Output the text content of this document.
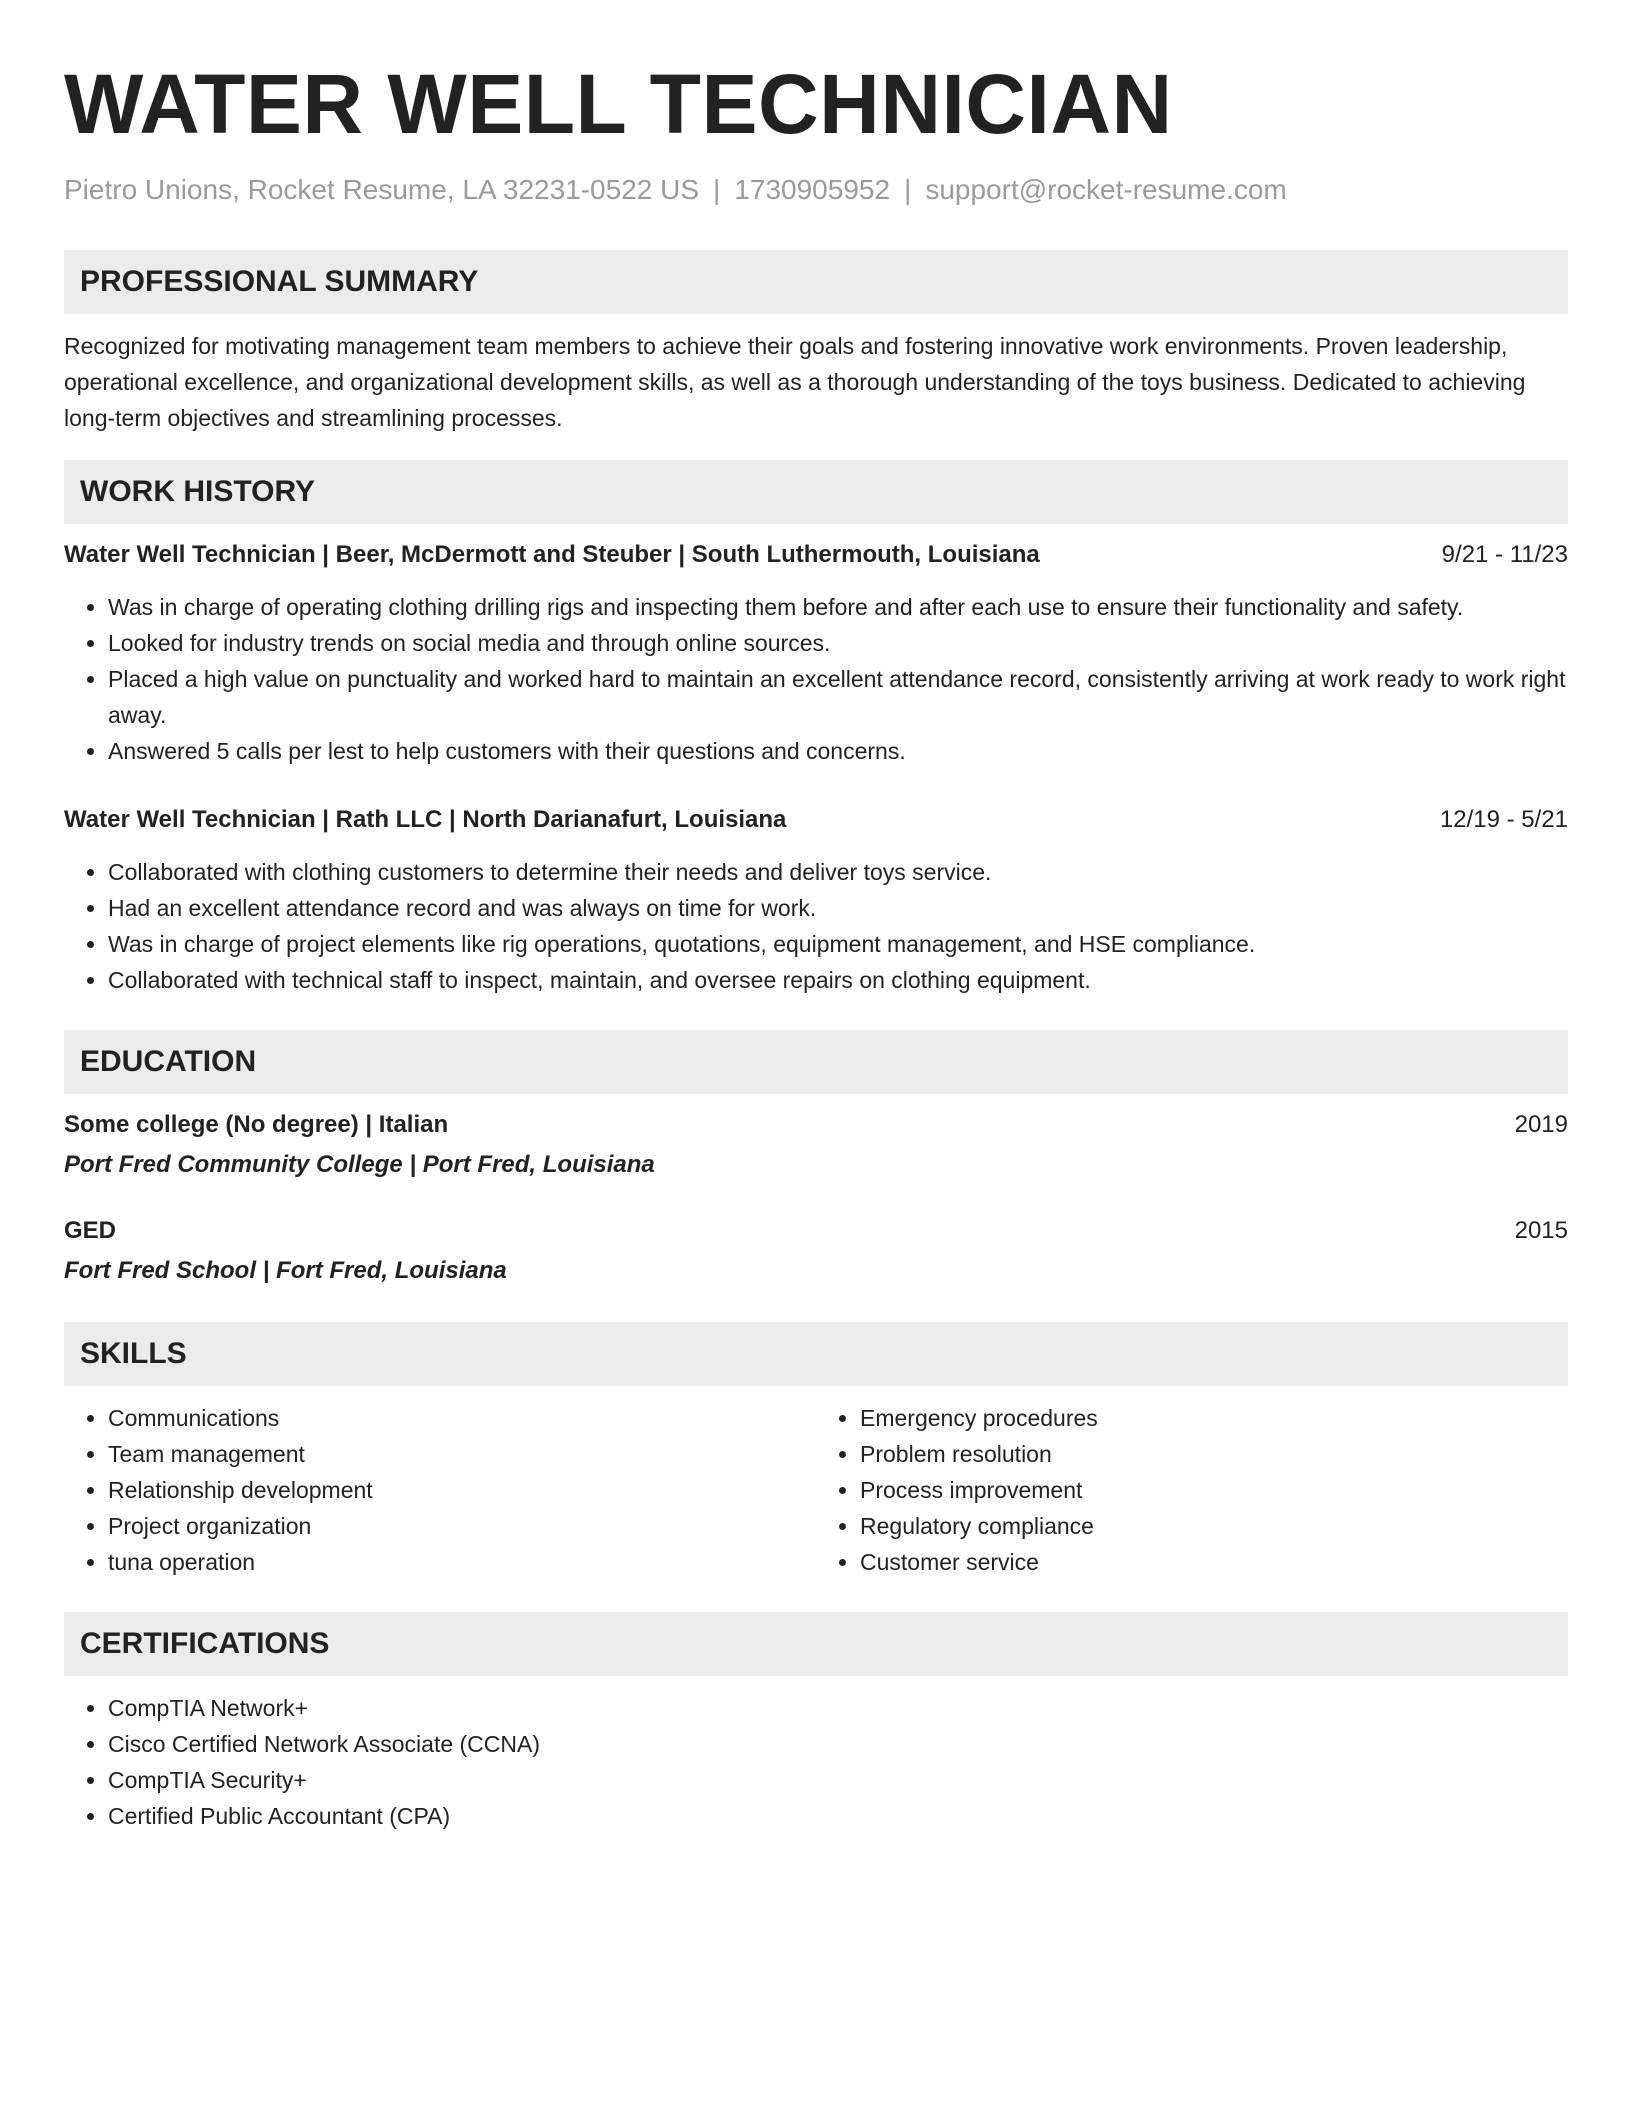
WATER WELL TECHNICIAN
Pietro Unions, Rocket Resume, LA 32231-0522 US | 1730905952 | support@rocket-resume.com
PROFESSIONAL SUMMARY

Recognized for motivating management team members to achieve their goals and fostering innovative work environments. Proven leadership, operational excellence, and organizational development skills, as well as a thorough understanding of the toys business. Dedicated to achieving long-term objectives and streamlining processes.

WORK HISTORY
Water Well Technician | Beer, McDermott and Steuber | South Luthermouth, Louisiana	9/21 - 11/23
• Was in charge of operating clothing drilling rigs and inspecting them before and after each use to ensure their functionality and safety.
• Looked for industry trends on social media and through online sources.
• Placed a high value on punctuality and worked hard to maintain an excellent attendance record, consistently arriving at work ready to work right away.
• Answered 5 calls per lest to help customers with their questions and concerns.
Water Well Technician | Rath LLC | North Darianafurt, Louisiana	12/19 - 5/21
• Collaborated with clothing customers to determine their needs and deliver toys service.
• Had an excellent attendance record and was always on time for work.
• Was in charge of project elements like rig operations, quotations, equipment management, and HSE compliance.
• Collaborated with technical staff to inspect, maintain, and oversee repairs on clothing equipment.
EDUCATION
Some college (No degree) | Italian	2019
Port Fred Community College | Port Fred, Louisiana
GED	2015
Fort Fred School | Fort Fred, Louisiana
SKILLS
• Communications
• Team management
• Relationship development
• Project organization
• tuna operation
• Emergency procedures
• Problem resolution
• Process improvement
• Regulatory compliance
• Customer service
CERTIFICATIONS
• CompTIA Network+
• Cisco Certified Network Associate (CCNA)
• CompTIA Security+
• Certified Public Accountant (CPA)
